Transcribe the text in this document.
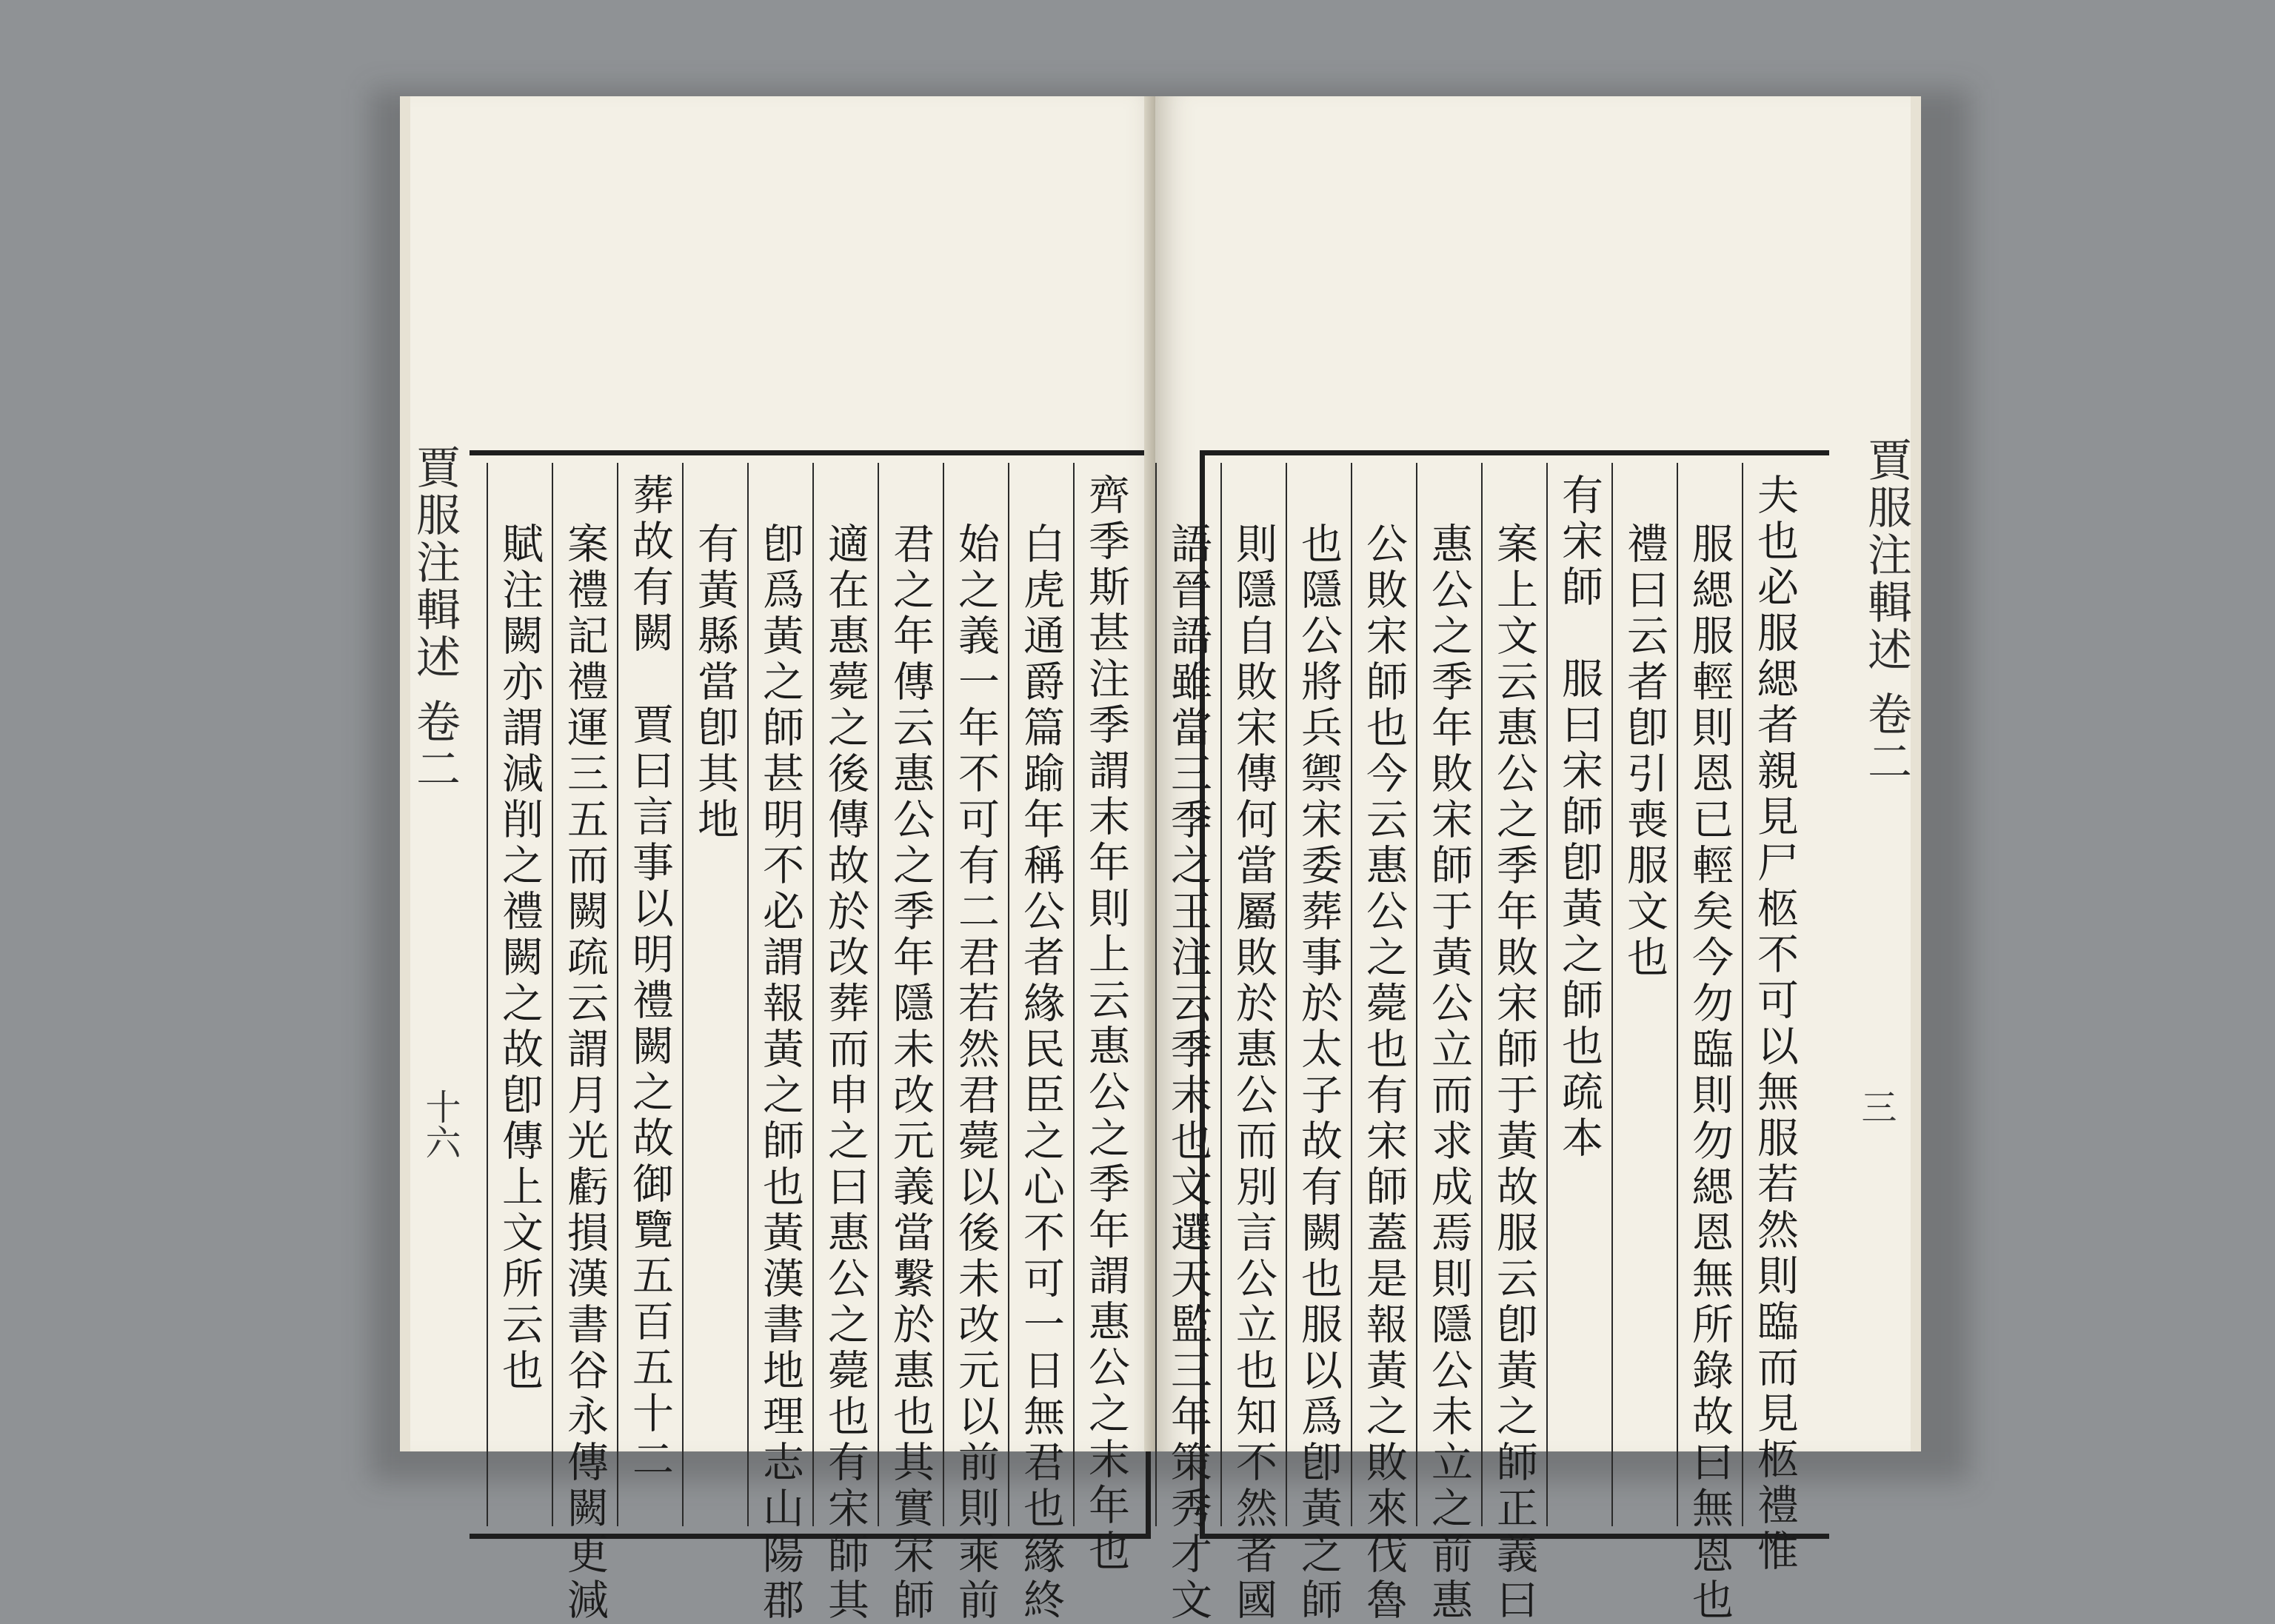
賈服注輯述 卷二
十六	齊季斯甚注季謂末年則上云惠公之季年謂惠公之末年也
白虎通爵篇踰年稱公者緣民臣之心不可一日無君也緣終
始之義一年不可有二君若然君薨以後未改元以前則乘前
君之年傳云惠公之季年隱未改元義當繫於惠也其實宋師
適在惠薨之後傳故於改葬而申之曰惠公之薨也有宋師其
卽爲黃之師甚明不必謂報黃之師也黃漢書地理志山陽郡
有黃縣當卽其地
葬故有闕　賈曰言事以明禮闕之故御覽五百五十二
案禮記禮運三五而闕疏云謂月光虧損漢書谷永傳闕更減
賦注闕亦謂減削之禮闕之故卽傳上文所云也	賈服注輯述 卷二
三
夫也必服緦者親見尸柩不可以無服若然則臨而見柩禮惟
服緦服輕則恩已輕矣今勿臨則勿緦恩無所錄故曰無恩也
禮曰云者卽引喪服文也
有宋師　服曰宋師卽黃之師也疏本
案上文云惠公之季年敗宋師于黃故服云卽黃之師正義曰
惠公之季年敗宋師于黃公立而求成焉則隱公未立之前惠
公敗宋師也今云惠公之薨也有宋師蓋是報黃之敗來伐魯
也隱公將兵禦宋委葬事於太子故有闕也服以爲卽黃之師
則隱自敗宋傳何當屬敗於惠公而別言公立也知不然者國
語晉語雖當三季之王注云季末也文選天監三年策秀才文
